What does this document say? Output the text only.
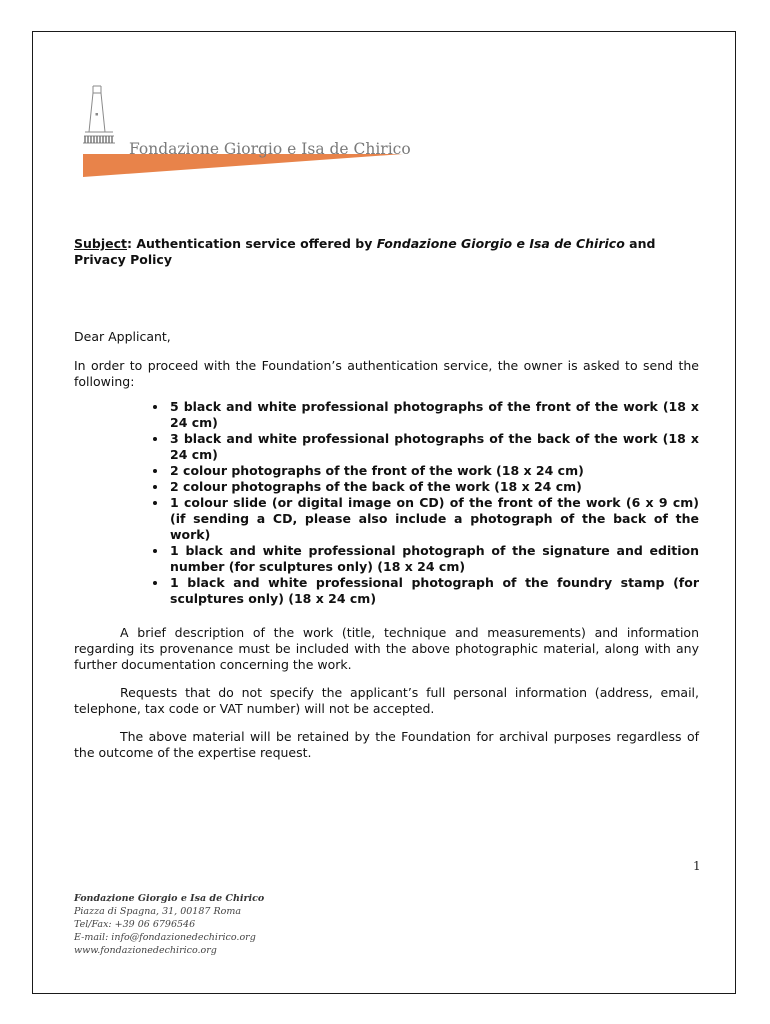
Fondazione Giorgio e Isa de Chirico

Subject: Authentication service offered by Fondazione Giorgio e Isa de Chirico and Privacy Policy

Dear Applicant,

In order to proceed with the Foundation’s authentication service, the owner is asked to send the following:

• 5 black and white professional photographs of the front of the work (18 x 24 cm)
• 3 black and white professional photographs of the back of the work (18 x 24 cm)
• 2 colour photographs of the front of the work (18 x 24 cm)
• 2 colour photographs of the back of the work (18 x 24 cm)
• 1 colour slide (or digital image on CD) of the front of the work (6 x 9 cm) (if sending a CD, please also include a photograph of the back of the work)
• 1 black and white professional photograph of the signature and edition number (for sculptures only) (18 x 24 cm)
• 1 black and white professional photograph of the foundry stamp (for sculptures only) (18 x 24 cm)

A brief description of the work (title, technique and measurements) and information regarding its provenance must be included with the above photographic material, along with any further documentation concerning the work.

Requests that do not specify the applicant’s full personal information (address, email, telephone, tax code or VAT number) will not be accepted.

The above material will be retained by the Foundation for archival purposes regardless of the outcome of the expertise request.

1
Fondazione Giorgio e Isa de Chirico
Piazza di Spagna, 31, 00187 Roma
Tel/Fax: +39 06 6796546
E-mail: info@fondazionedechirico.org
www.fondazionedechirico.org
